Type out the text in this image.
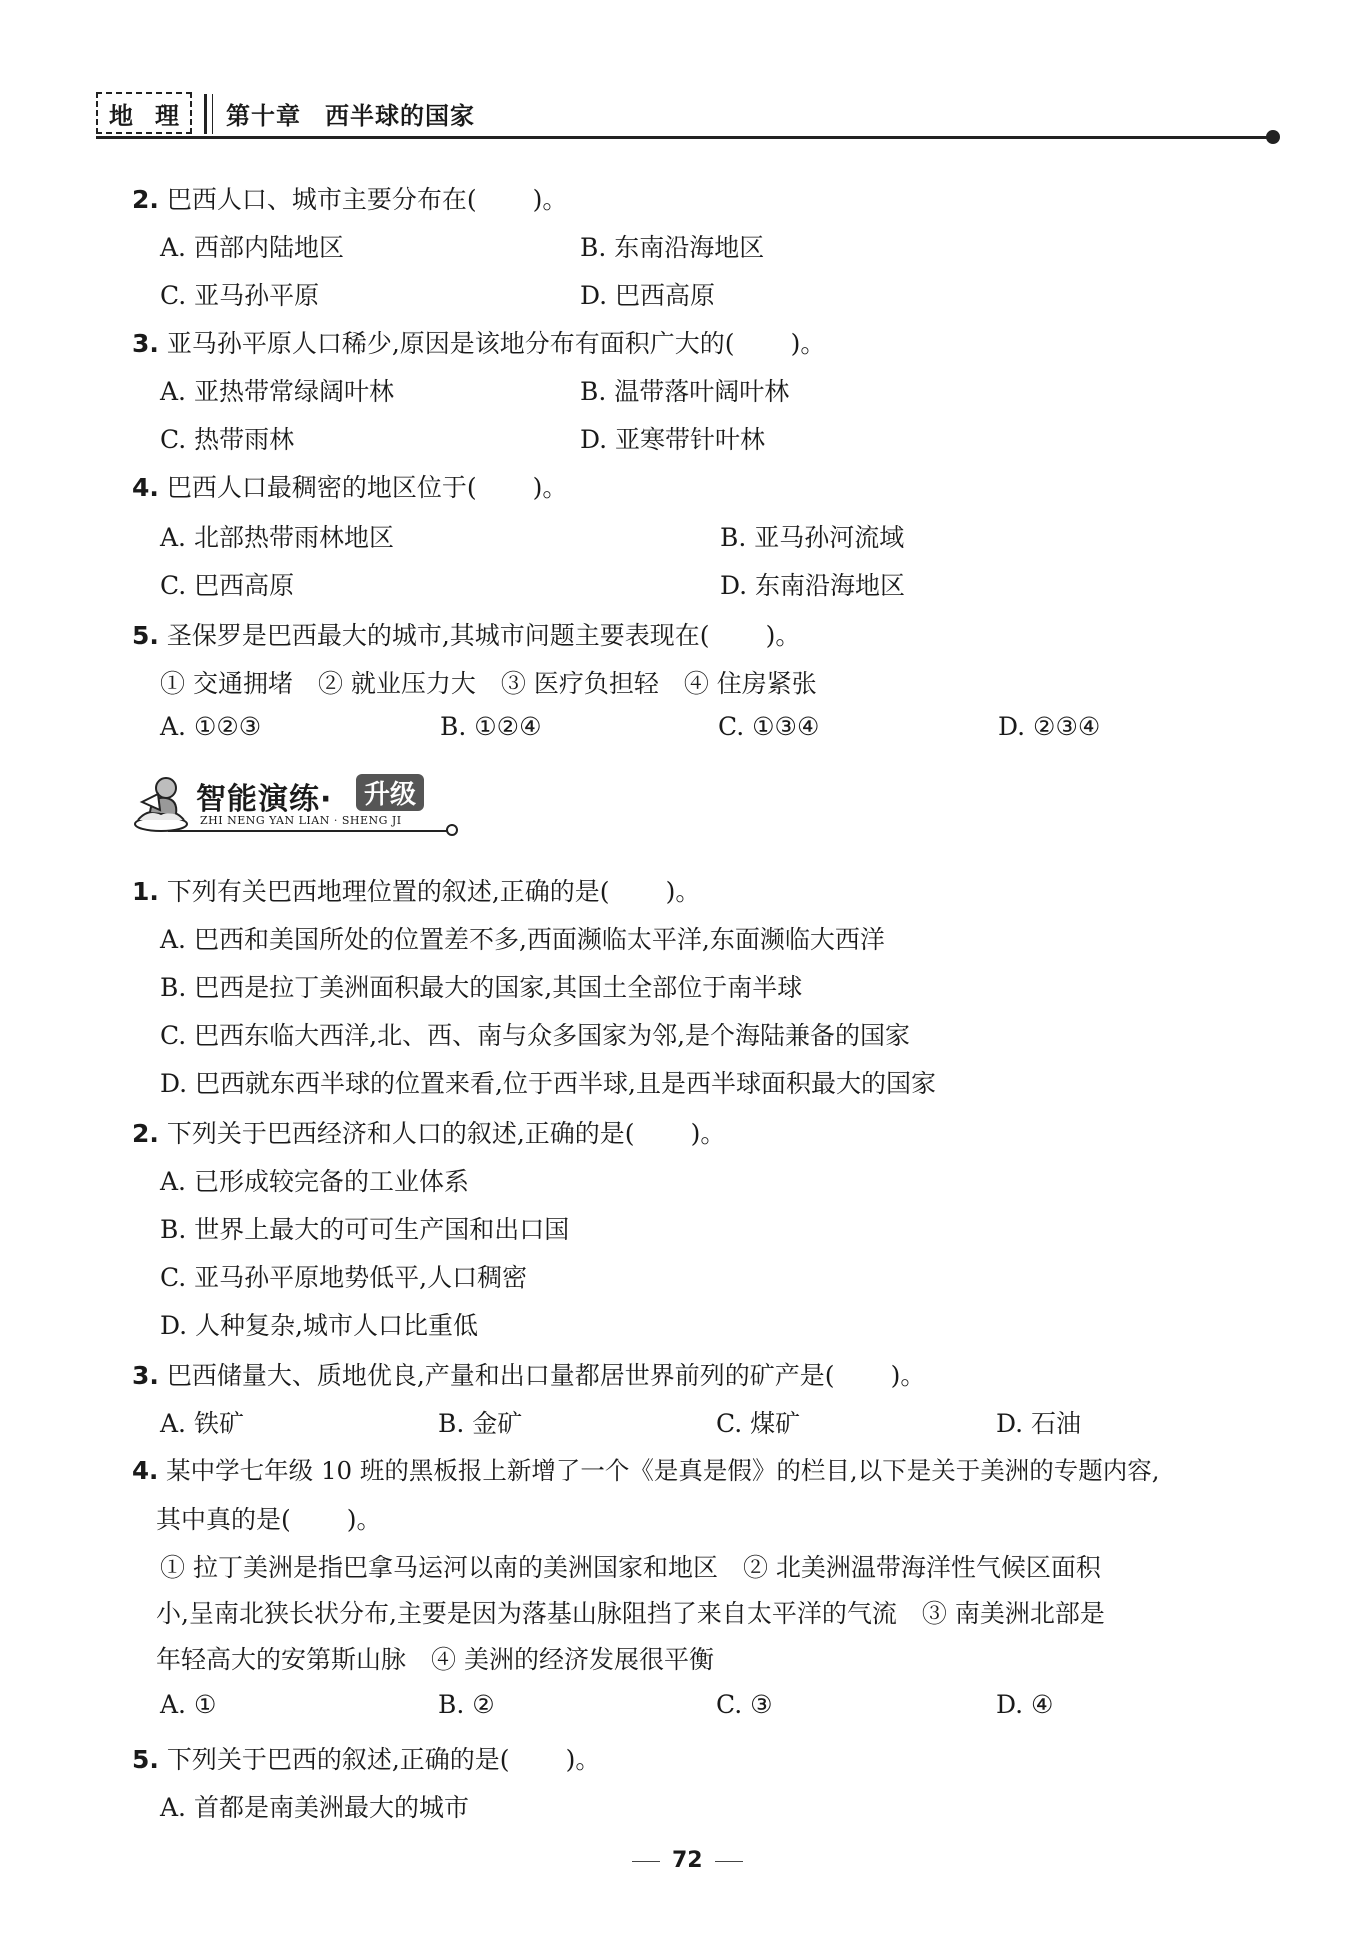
地 理 第十章 西半球的国家
2. 巴西人口、城市主要分布在( )。
A. 西部内陆地区	B. 东南沿海地区
C. 亚马孙平原	D. 巴西高原
3. 亚马孙平原人口稀少,原因是该地分布有面积广大的( )。
A. 亚热带常绿阔叶林	B. 温带落叶阔叶林
C. 热带雨林	D. 亚寒带针叶林
4. 巴西人口最稠密的地区位于( )。
A. 北部热带雨林地区	B. 亚马孙河流域
C. 巴西高原	D. 东南沿海地区
5. 圣保罗是巴西最大的城市,其城市问题主要表现在( )。
① 交通拥堵　② 就业压力大　③ 医疗负担轻　④ 住房紧张
A. ①②③	B. ①②④	C. ①③④	D. ②③④
智能演练·	升级
ZHI NENG YAN LIAN · SHENG JI
1. 下列有关巴西地理位置的叙述,正确的是( )。
A. 巴西和美国所处的位置差不多,西面濒临太平洋,东面濒临大西洋
B. 巴西是拉丁美洲面积最大的国家,其国土全部位于南半球
C. 巴西东临大西洋,北、西、南与众多国家为邻,是个海陆兼备的国家
D. 巴西就东西半球的位置来看,位于西半球,且是西半球面积最大的国家
2. 下列关于巴西经济和人口的叙述,正确的是( )。
A. 已形成较完备的工业体系
B. 世界上最大的可可生产国和出口国
C. 亚马孙平原地势低平,人口稠密
D. 人种复杂,城市人口比重低
3. 巴西储量大、质地优良,产量和出口量都居世界前列的矿产是( )。
A. 铁矿	B. 金矿	C. 煤矿	D. 石油
4. 某中学七年级 10 班的黑板报上新增了一个《是真是假》的栏目,以下是关于美洲的专题内容,
其中真的是( )。
① 拉丁美洲是指巴拿马运河以南的美洲国家和地区　② 北美洲温带海洋性气候区面积
小,呈南北狭长状分布,主要是因为落基山脉阻挡了来自太平洋的气流　③ 南美洲北部是
年轻高大的安第斯山脉　④ 美洲的经济发展很平衡
A. ①	B. ②	C. ③	D. ④
5. 下列关于巴西的叙述,正确的是( )。
A. 首都是南美洲最大的城市
72
